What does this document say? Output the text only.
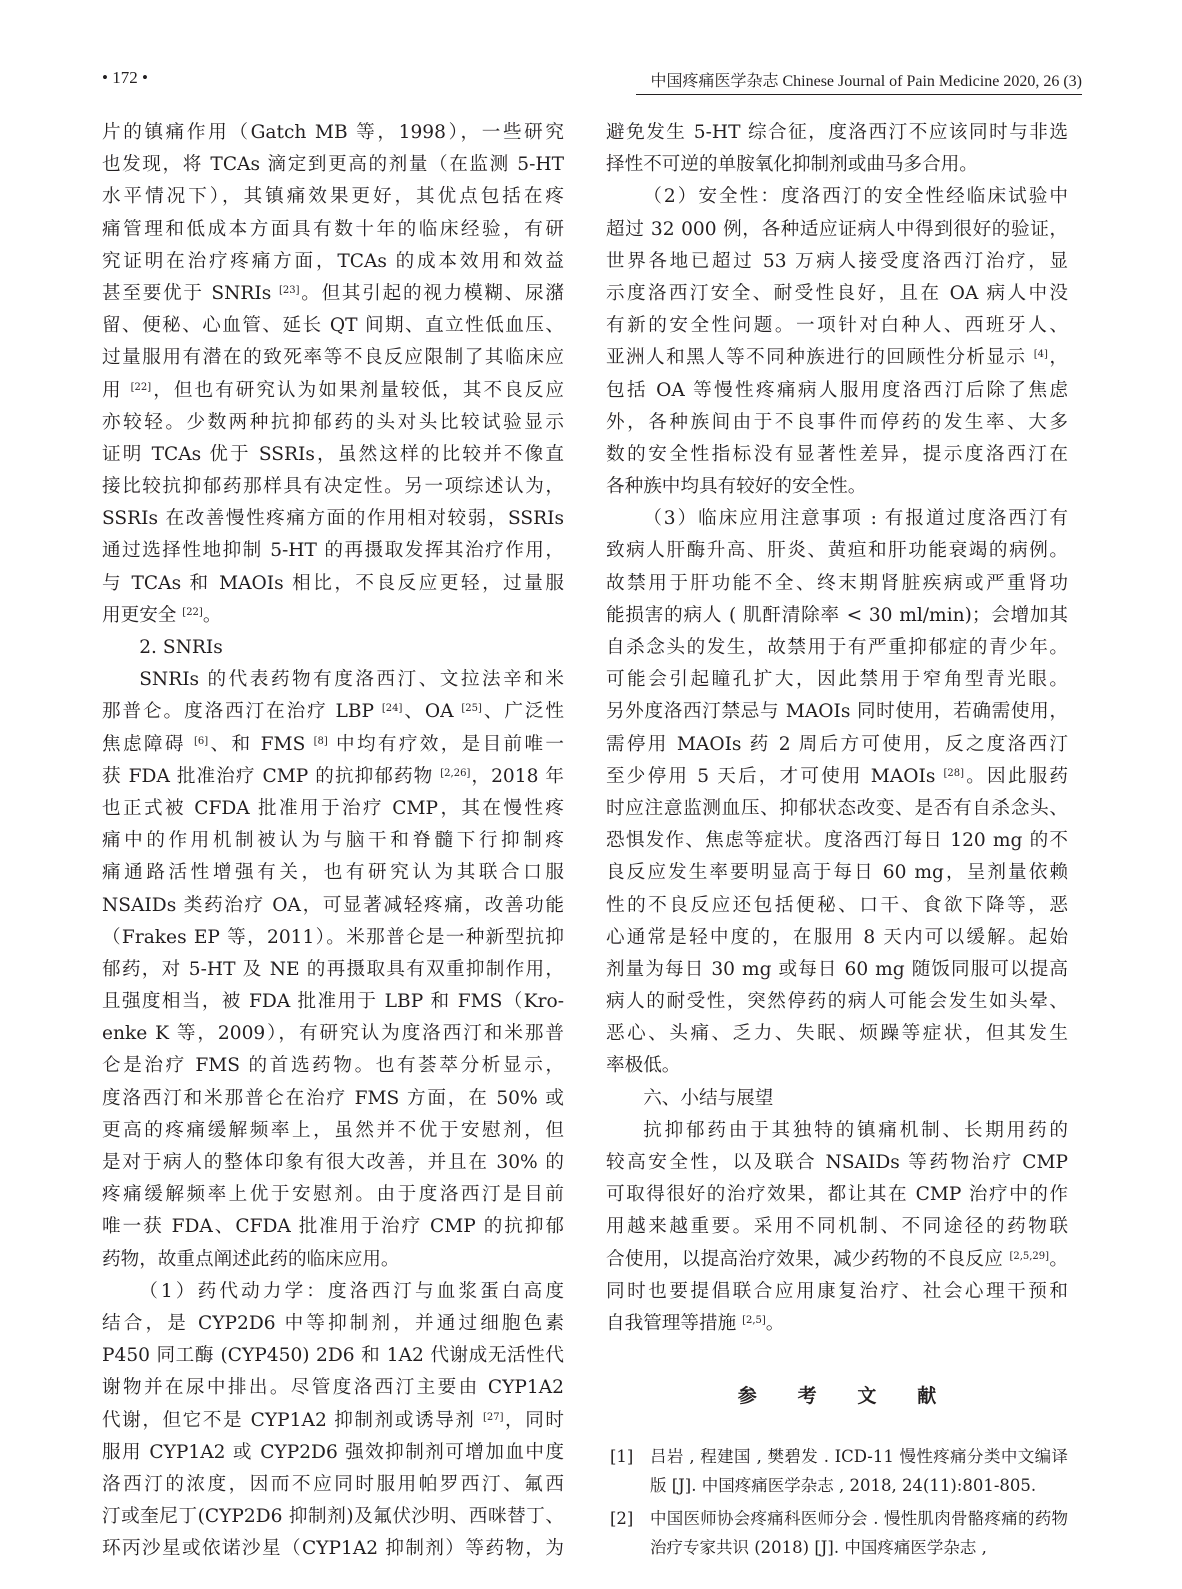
• 172 •	中国疼痛医学杂志 Chinese Journal of Pain Medicine 2020, 26 (3)
片的镇痛作用（Gatch MB 等，1998），一些研究
也发现，将 TCAs 滴定到更高的剂量（在监测 5-HT
水平情况下），其镇痛效果更好，其优点包括在疼
痛管理和低成本方面具有数十年的临床经验，有研
究证明在治疗疼痛方面，TCAs 的成本效用和效益
甚至要优于 SNRIs [23]。但其引起的视力模糊、尿潴
留、便秘、心血管、延长 QT 间期、直立性低血压、
过量服用有潜在的致死率等不良反应限制了其临床应
用 [22]，但也有研究认为如果剂量较低，其不良反应
亦较轻。少数两种抗抑郁药的头对头比较试验显示
证明 TCAs 优于 SSRIs，虽然这样的比较并不像直
接比较抗抑郁药那样具有决定性。另一项综述认为，
SSRIs 在改善慢性疼痛方面的作用相对较弱，SSRIs
通过选择性地抑制 5-HT 的再摄取发挥其治疗作用，
与 TCAs 和 MAOIs 相比，不良反应更轻，过量服
用更安全 [22]。
2. SNRIs
SNRIs 的代表药物有度洛西汀、文拉法辛和米
那普仑。度洛西汀在治疗 LBP [24]、OA [25]、广泛性
焦虑障碍 [6]、和 FMS [8] 中均有疗效，是目前唯一
获 FDA 批准治疗 CMP 的抗抑郁药物 [2,26]，2018 年
也正式被 CFDA 批准用于治疗 CMP，其在慢性疼
痛中的作用机制被认为与脑干和脊髓下行抑制疼
痛通路活性增强有关，也有研究认为其联合口服
NSAIDs 类药治疗 OA，可显著减轻疼痛，改善功能
（Frakes EP 等，2011）。米那普仑是一种新型抗抑
郁药，对 5-HT 及 NE 的再摄取具有双重抑制作用，
且强度相当，被 FDA 批准用于 LBP 和 FMS（Kro-
enke K 等，2009），有研究认为度洛西汀和米那普
仑是治疗 FMS 的首选药物。也有荟萃分析显示，
度洛西汀和米那普仑在治疗 FMS 方面，在 50% 或
更高的疼痛缓解频率上，虽然并不优于安慰剂，但
是对于病人的整体印象有很大改善，并且在 30% 的
疼痛缓解频率上优于安慰剂。由于度洛西汀是目前
唯一获 FDA、CFDA 批准用于治疗 CMP 的抗抑郁
药物，故重点阐述此药的临床应用。
（1）药代动力学：度洛西汀与血浆蛋白高度
结合，是 CYP2D6 中等抑制剂，并通过细胞色素
P450 同工酶 (CYP450) 2D6 和 1A2 代谢成无活性代
谢物并在尿中排出。尽管度洛西汀主要由 CYP1A2
代谢，但它不是 CYP1A2 抑制剂或诱导剂 [27]，同时
服用 CYP1A2 或 CYP2D6 强效抑制剂可增加血中度
洛西汀的浓度，因而不应同时服用帕罗西汀、氟西
汀或奎尼丁(CYP2D6 抑制剂)及氟伏沙明、西咪替丁、
环丙沙星或依诺沙星（CYP1A2 抑制剂）等药物，为
避免发生 5-HT 综合征，度洛西汀不应该同时与非选
择性不可逆的单胺氧化抑制剂或曲马多合用。
（2）安全性：度洛西汀的安全性经临床试验中
超过 32 000 例，各种适应证病人中得到很好的验证，
世界各地已超过 53 万病人接受度洛西汀治疗，显
示度洛西汀安全、耐受性良好，且在 OA 病人中没
有新的安全性问题。一项针对白种人、西班牙人、
亚洲人和黑人等不同种族进行的回顾性分析显示 [4]，
包括 OA 等慢性疼痛病人服用度洛西汀后除了焦虑
外，各种族间由于不良事件而停药的发生率、大多
数的安全性指标没有显著性差异，提示度洛西汀在
各种族中均具有较好的安全性。
（3）临床应用注意事项 : 有报道过度洛西汀有
致病人肝酶升高、肝炎、黄疸和肝功能衰竭的病例。
故禁用于肝功能不全、终末期肾脏疾病或严重肾功
能损害的病人 ( 肌酐清除率 < 30 ml/min)；会增加其
自杀念头的发生，故禁用于有严重抑郁症的青少年。
可能会引起瞳孔扩大，因此禁用于窄角型青光眼。
另外度洛西汀禁忌与 MAOIs 同时使用，若确需使用，
需停用 MAOIs 药 2 周后方可使用，反之度洛西汀
至少停用 5 天后，才可使用 MAOIs [28]。因此服药
时应注意监测血压、抑郁状态改变、是否有自杀念头、
恐惧发作、焦虑等症状。度洛西汀每日 120 mg 的不
良反应发生率要明显高于每日 60 mg，呈剂量依赖
性的不良反应还包括便秘、口干、食欲下降等，恶
心通常是轻中度的，在服用 8 天内可以缓解。起始
剂量为每日 30 mg 或每日 60 mg 随饭同服可以提高
病人的耐受性，突然停药的病人可能会发生如头晕、
恶心、头痛、乏力、失眠、烦躁等症状，但其发生
率极低。
六、小结与展望
抗抑郁药由于其独特的镇痛机制、长期用药的
较高安全性，以及联合 NSAIDs 等药物治疗 CMP
可取得很好的治疗效果，都让其在 CMP 治疗中的作
用越来越重要。采用不同机制、不同途径的药物联
合使用，以提高治疗效果，减少药物的不良反应 [2,5,29]。
同时也要提倡联合应用康复治疗、社会心理干预和
自我管理等措施 [2,5]。
参 考 文 献
[1]	吕岩 , 程建国 , 樊碧发 . ICD-11 慢性疼痛分类中文编译版 [J]. 中国疼痛医学杂志 , 2018, 24(11):801-805.
[2]	中国医师协会疼痛科医师分会 . 慢性肌肉骨骼疼痛的药物治疗专家共识 (2018) [J]. 中国疼痛医学杂志 ,
